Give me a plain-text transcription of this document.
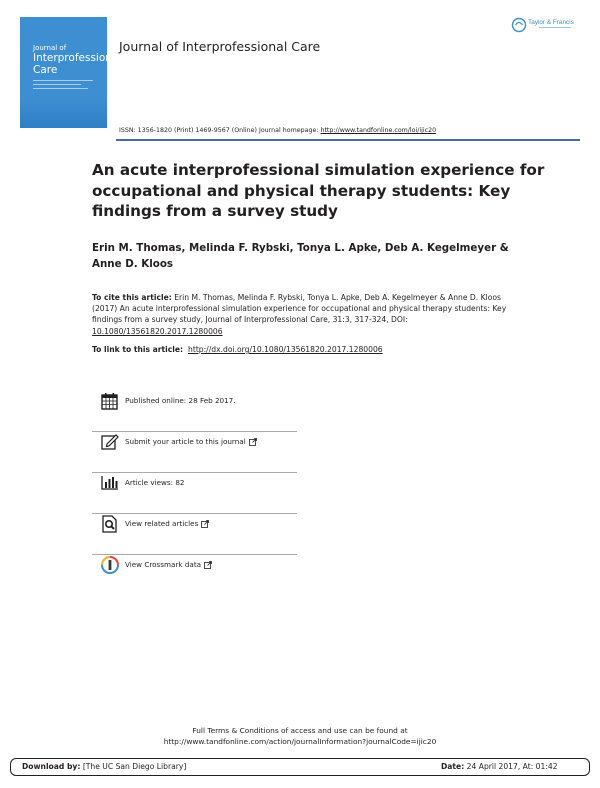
Journal of
Interprofessional
Care
Journal of Interprofessional Care
Taylor & Francis
ISSN: 1356-1820 (Print) 1469-9567 (Online) Journal homepage: http://www.tandfonline.com/loi/ijic20
An acute interprofessional simulation experience for occupational and physical therapy students: Key findings from a survey study
Erin M. Thomas, Melinda F. Rybski, Tonya L. Apke, Deb A. Kegelmeyer & Anne D. Kloos
To cite this article: Erin M. Thomas, Melinda F. Rybski, Tonya L. Apke, Deb A. Kegelmeyer & Anne D. Kloos (2017) An acute interprofessional simulation experience for occupational and physical therapy students: Key findings from a survey study, Journal of Interprofessional Care, 31:3, 317-324, DOI: 10.1080/13561820.2017.1280006
To link to this article: http://dx.doi.org/10.1080/13561820.2017.1280006
Published online: 28 Feb 2017.
Submit your article to this journal
Article views: 82
View related articles
View Crossmark data
Full Terms & Conditions of access and use can be found at
http://www.tandfonline.com/action/journalInformation?journalCode=ijic20
Download by: [The UC San Diego Library]	Date: 24 April 2017, At: 01:42
